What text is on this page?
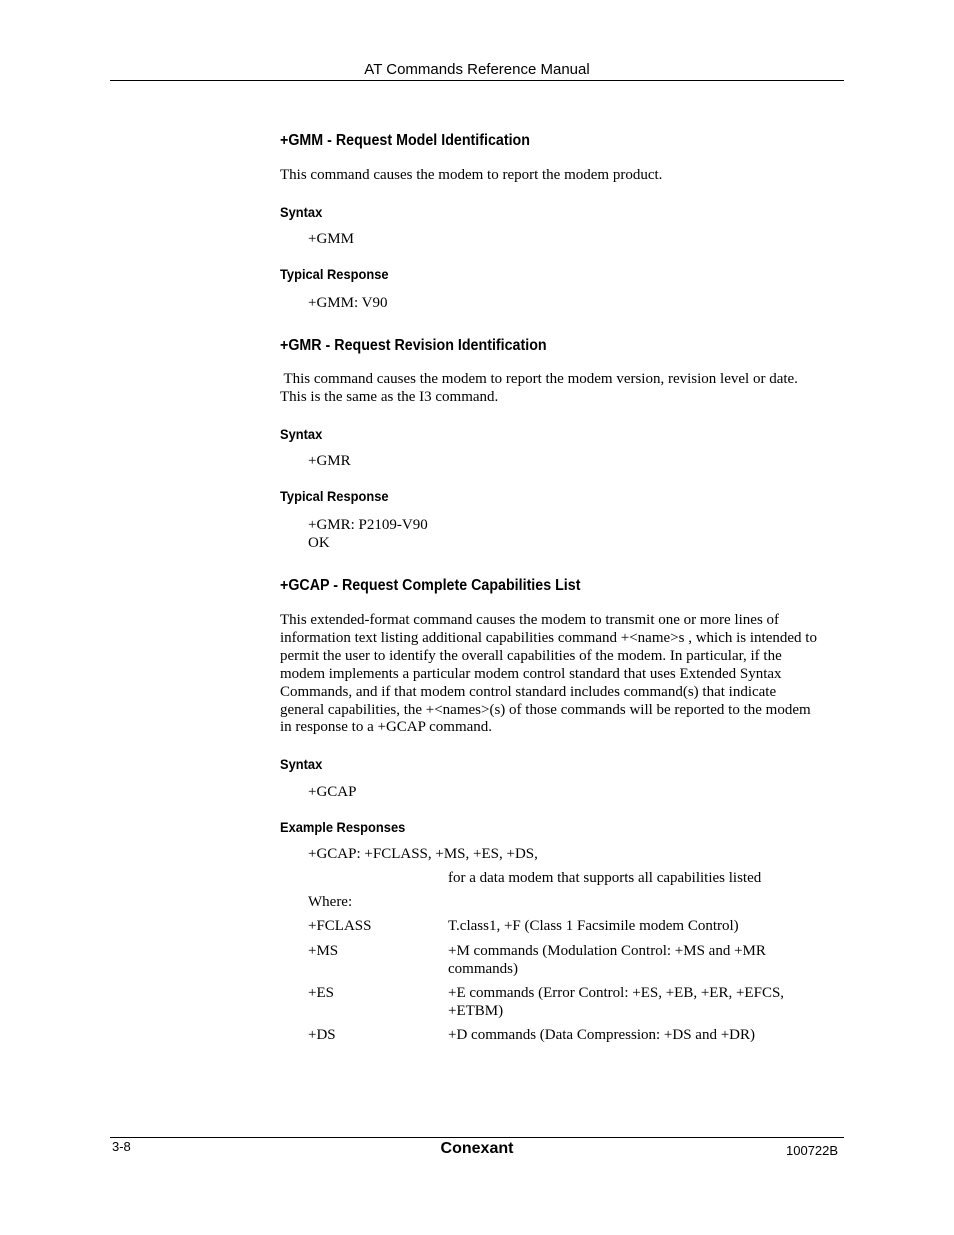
AT Commands Reference Manual
+GMM - Request Model Identification
This command causes the modem to report the modem product.
Syntax
+GMM
Typical Response
+GMM: V90
+GMR - Request Revision Identification
This command causes the modem to report the modem version, revision level or date.
This is the same as the I3 command.
Syntax
+GMR
Typical Response
+GMR: P2109-V90
OK
+GCAP - Request Complete Capabilities List
This extended-format command causes the modem to transmit one or more lines of
information text listing additional capabilities command +<name>s , which is intended to
permit the user to identify the overall capabilities of the modem. In particular, if the
modem implements a particular modem control standard that uses Extended Syntax
Commands, and if that modem control standard includes command(s) that indicate
general capabilities, the +<names>(s) of those commands will be reported to the modem
in response to a +GCAP command.
Syntax
+GCAP
Example Responses
+GCAP: +FCLASS, +MS, +ES, +DS,
for a data modem that supports all capabilities listed
Where:
+FCLASS	T.class1, +F (Class 1 Facsimile modem Control)
+MS	+M commands (Modulation Control: +MS and +MR commands)
+ES	+E commands (Error Control: +ES, +EB, +ER, +EFCS, +ETBM)
+DS	+D commands (Data Compression: +DS and +DR)
3-8	Conexant	100722B
